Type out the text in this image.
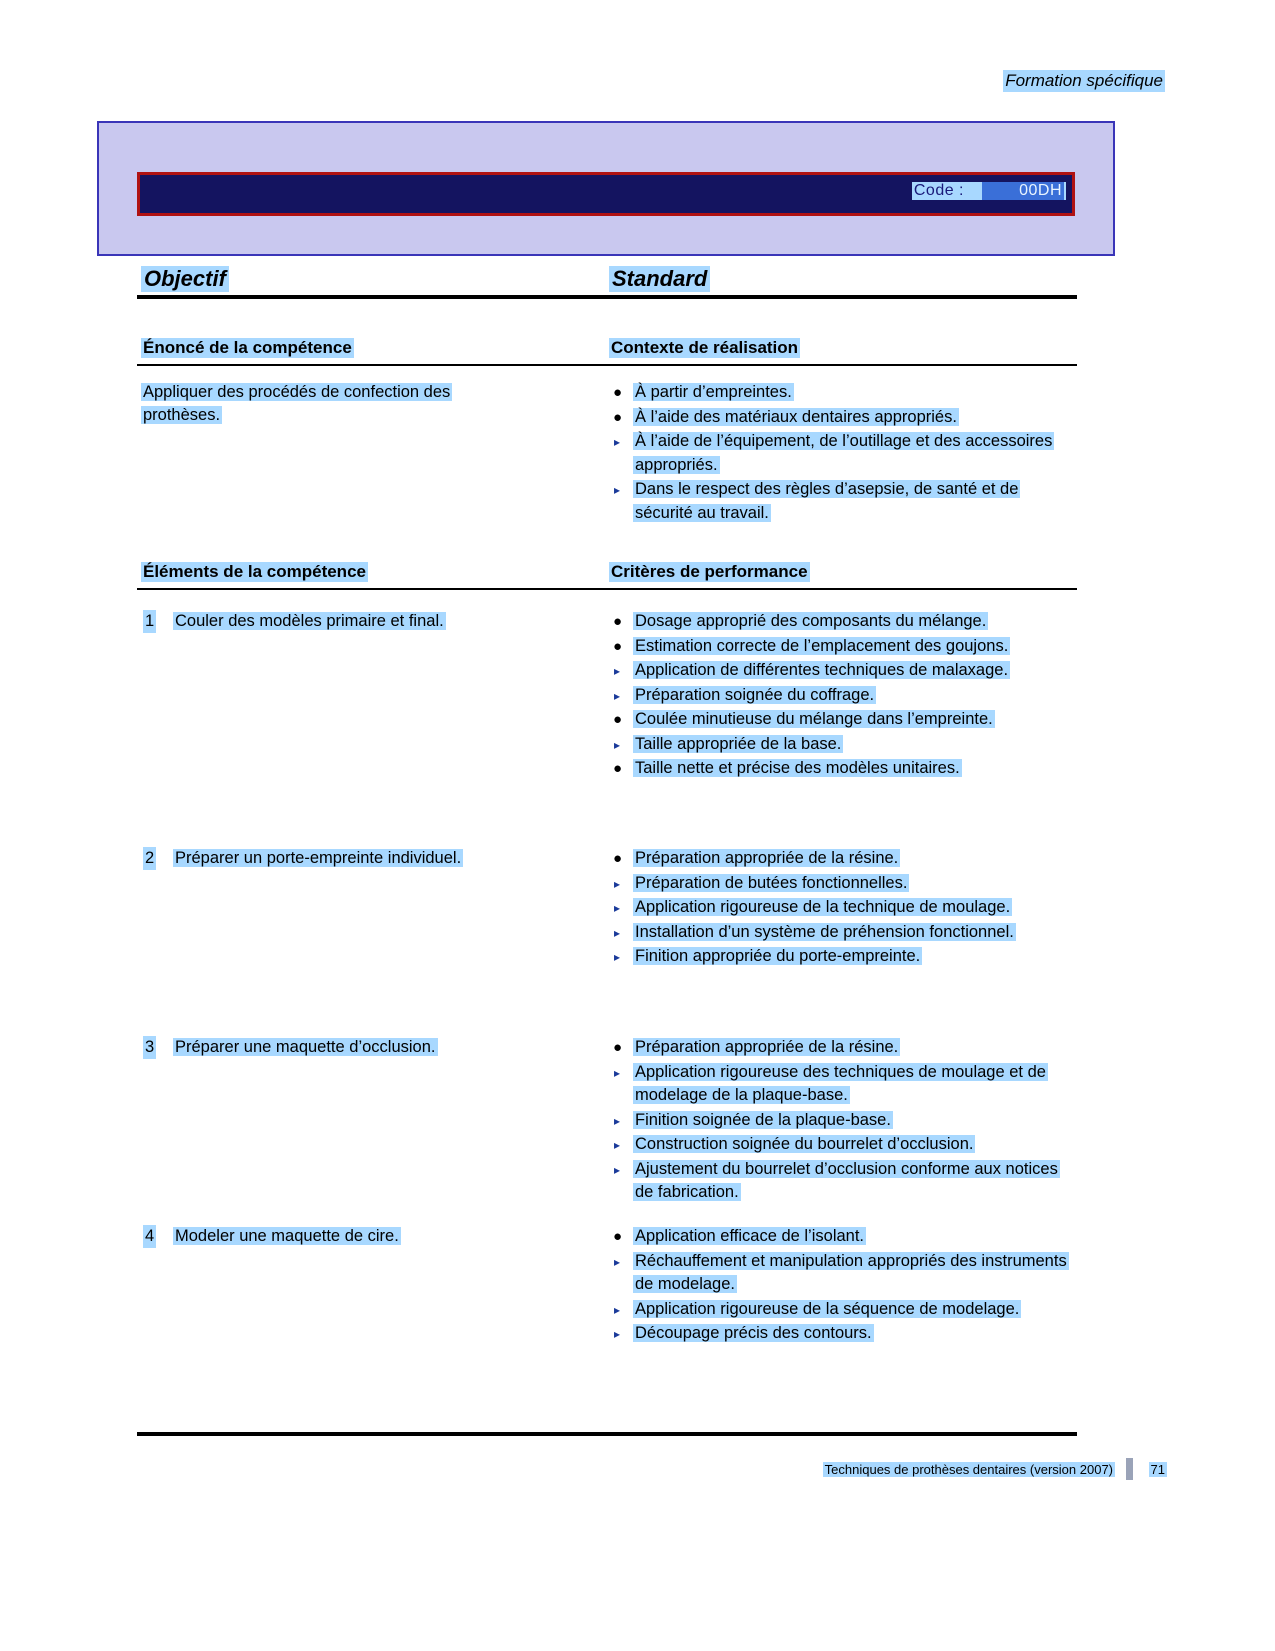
Formation spécifique
Code :	00DH
Objectif	Standard
Énoncé de la compétence	Contexte de réalisation
Appliquer des procédés de confection des
prothèses.
● À partir d’empreintes.
● À l’aide des matériaux dentaires appropriés.
▸ À l’aide de l’équipement, de l’outillage et des accessoires appropriés.
▸ Dans le respect des règles d’asepsie, de santé et de sécurité au travail.
Éléments de la compétence	Critères de performance
1 Couler des modèles primaire et final.	● Dosage approprié des composants du mélange.
● Estimation correcte de l’emplacement des goujons.
▸ Application de différentes techniques de malaxage.
▸ Préparation soignée du coffrage.
● Coulée minutieuse du mélange dans l’empreinte.
▸ Taille appropriée de la base.
● Taille nette et précise des modèles unitaires.
2 Préparer un porte-empreinte individuel.	● Préparation appropriée de la résine.
▸ Préparation de butées fonctionnelles.
▸ Application rigoureuse de la technique de moulage.
▸ Installation d’un système de préhension fonctionnel.
▸ Finition appropriée du porte-empreinte.
3 Préparer une maquette d’occlusion.	● Préparation appropriée de la résine.
▸ Application rigoureuse des techniques de moulage et de modelage de la plaque-base.
▸ Finition soignée de la plaque-base.
▸ Construction soignée du bourrelet d’occlusion.
▸ Ajustement du bourrelet d’occlusion conforme aux notices de fabrication.
4 Modeler une maquette de cire.	● Application efficace de l’isolant.
▸ Réchauffement et manipulation appropriés des instruments de modelage.
▸ Application rigoureuse de la séquence de modelage.
▸ Découpage précis des contours.
Techniques de prothèses dentaires (version 2007)	71
